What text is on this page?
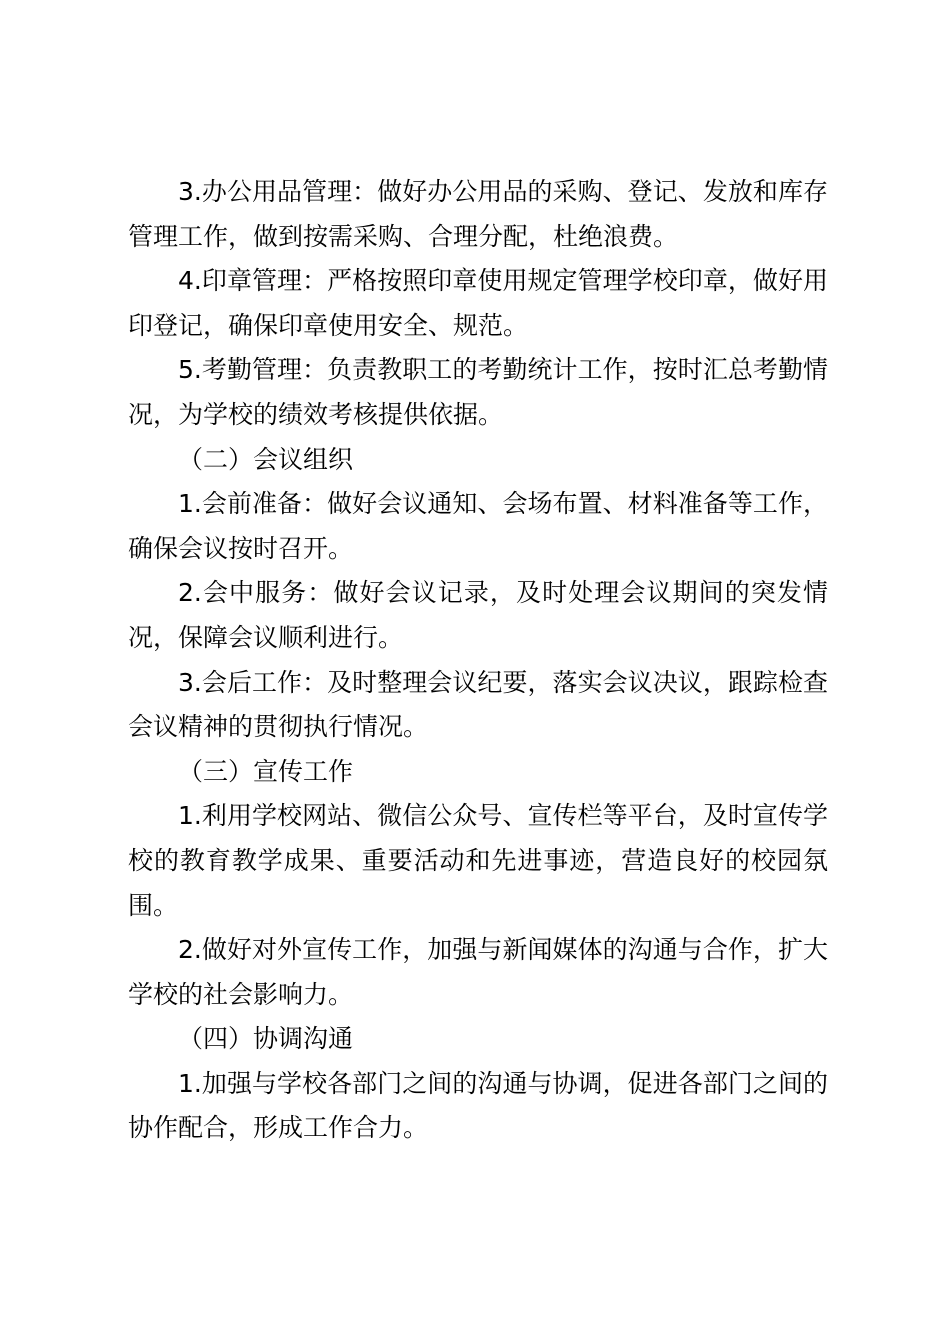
3.办公用品管理：做好办公用品的采购、登记、发放和库存管理工作，做到按需采购、合理分配，杜绝浪费。

4.印章管理：严格按照印章使用规定管理学校印章，做好用印登记，确保印章使用安全、规范。

5.考勤管理：负责教职工的考勤统计工作，按时汇总考勤情况，为学校的绩效考核提供依据。

（二）会议组织

1.会前准备：做好会议通知、会场布置、材料准备等工作，确保会议按时召开。

2.会中服务：做好会议记录，及时处理会议期间的突发情况，保障会议顺利进行。

3.会后工作：及时整理会议纪要，落实会议决议，跟踪检查会议精神的贯彻执行情况。

（三）宣传工作

1.利用学校网站、微信公众号、宣传栏等平台，及时宣传学校的教育教学成果、重要活动和先进事迹，营造良好的校园氛围。

2.做好对外宣传工作，加强与新闻媒体的沟通与合作，扩大学校的社会影响力。

（四）协调沟通

1.加强与学校各部门之间的沟通与协调，促进各部门之间的协作配合，形成工作合力。
